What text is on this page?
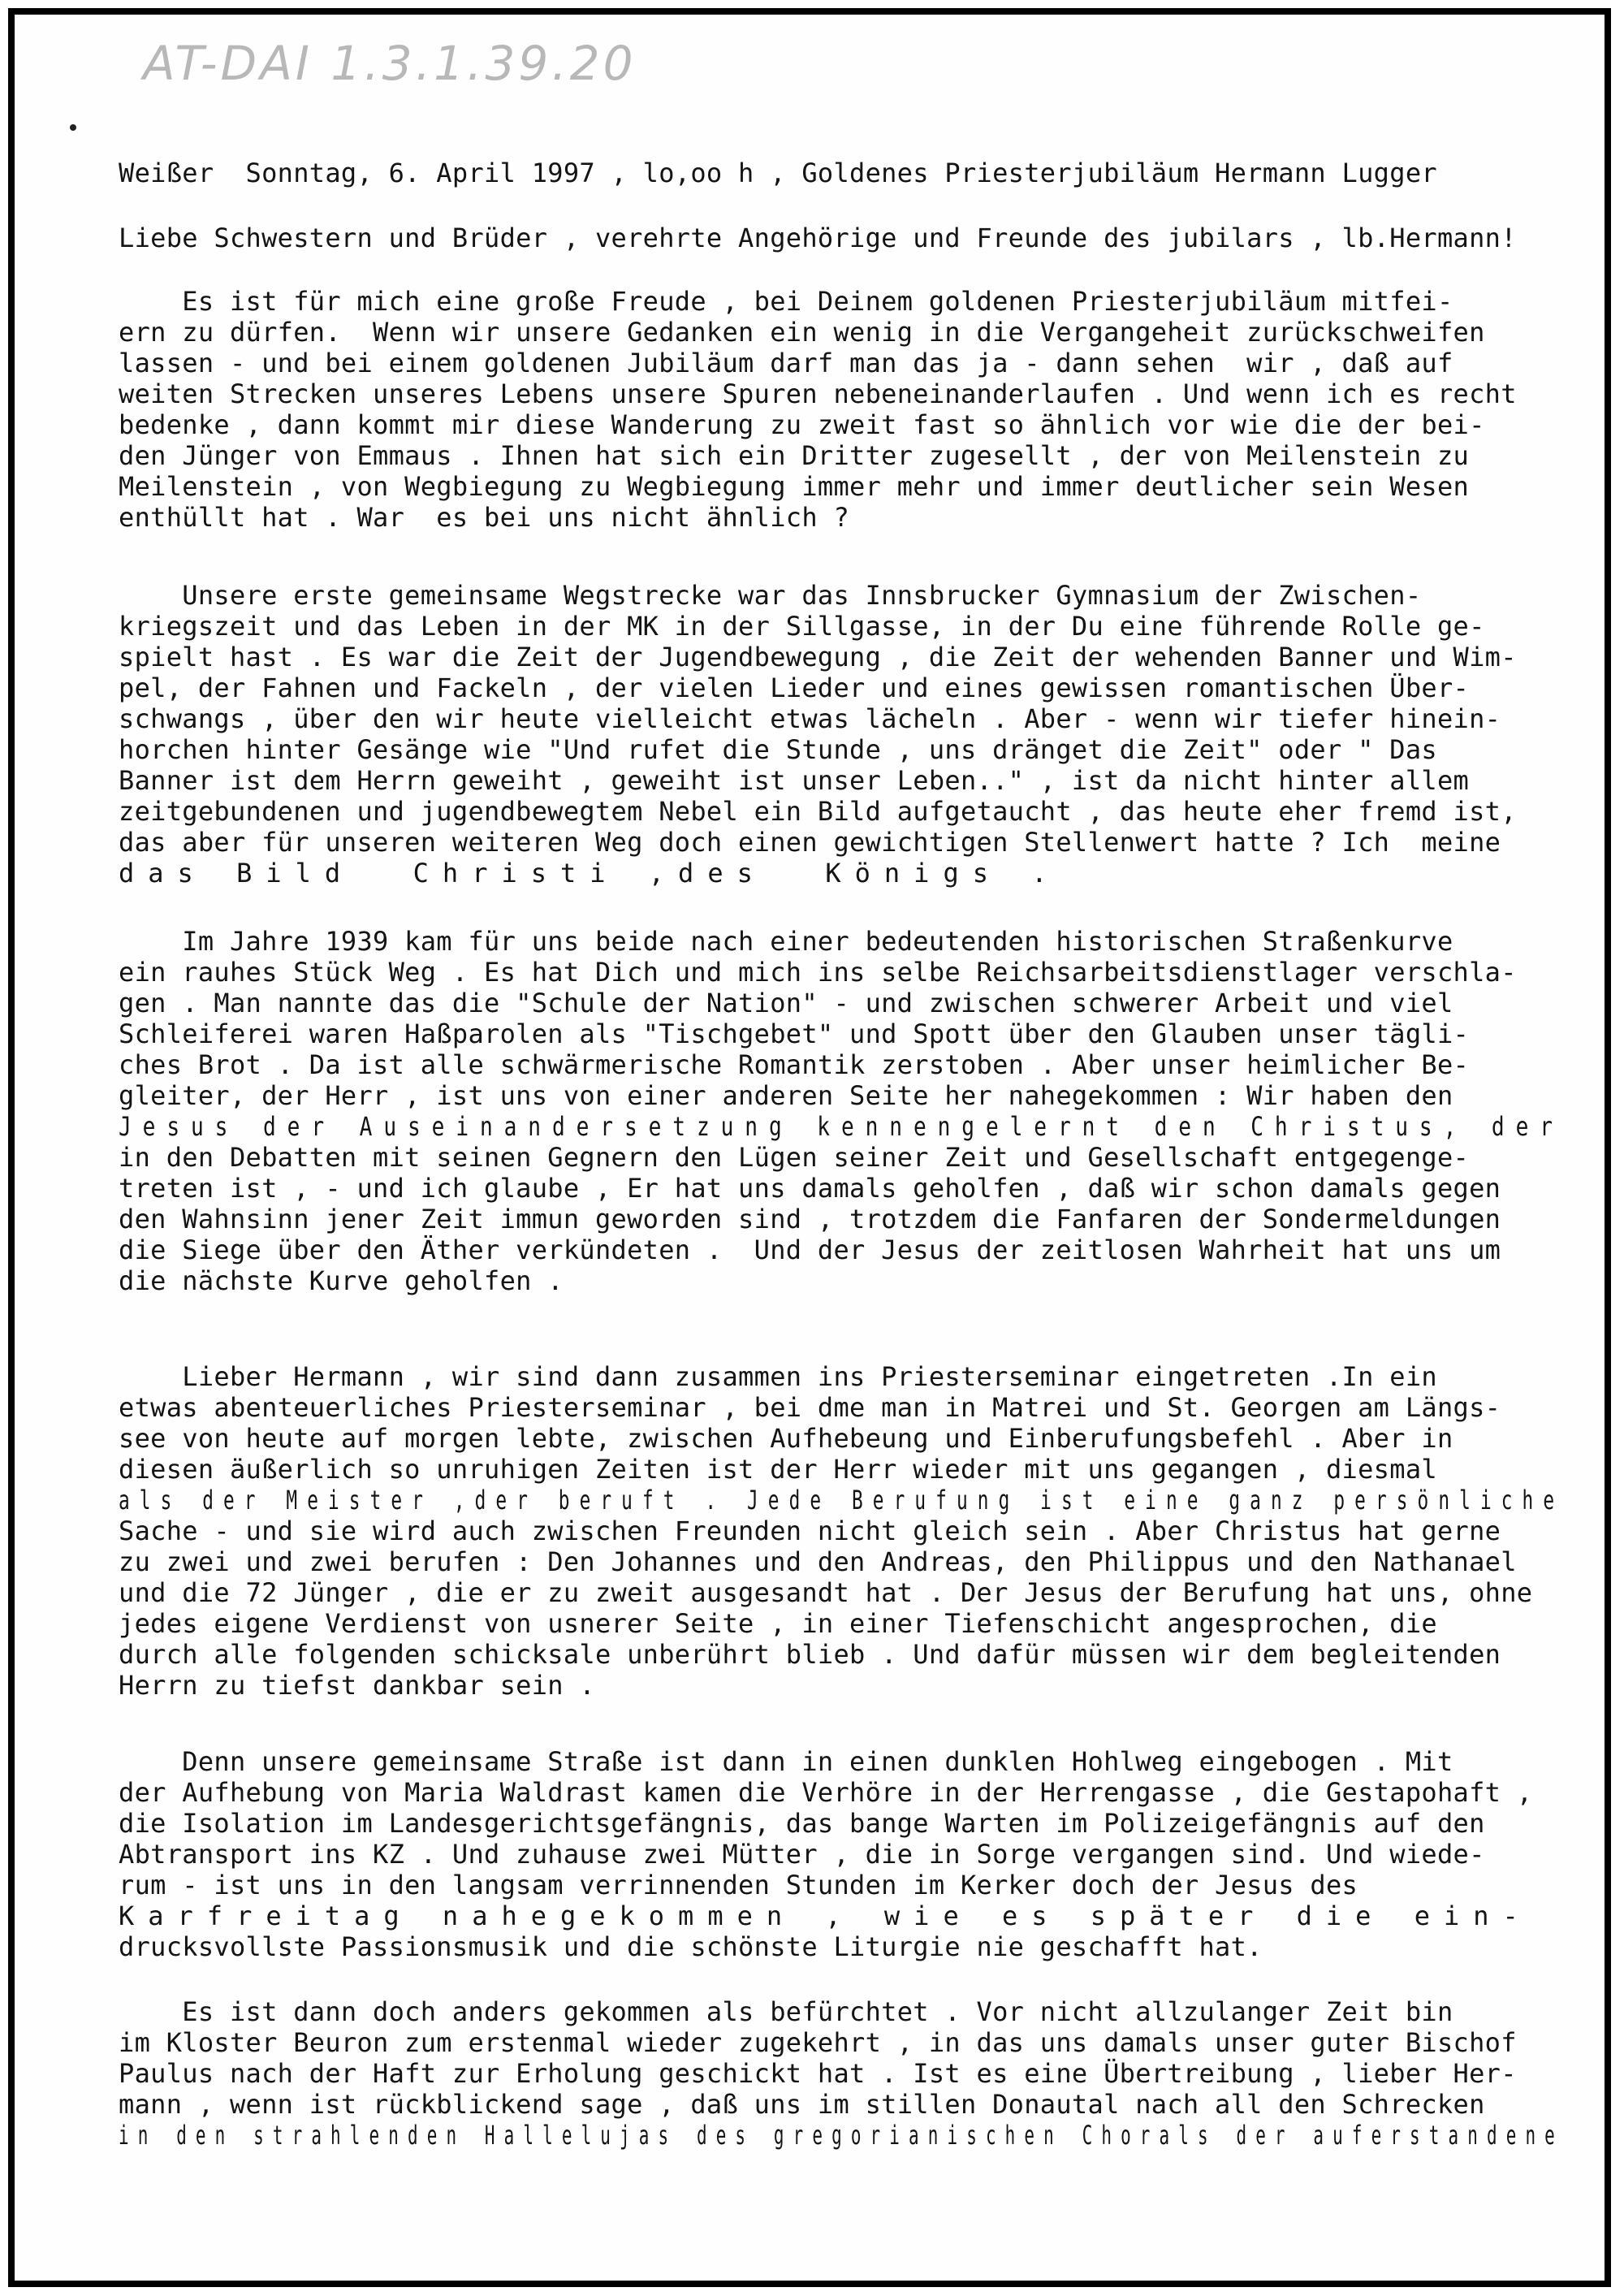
AT-DAI 1.3.1.39.20
Weißer  Sonntag, 6. April 1997 , lo,oo h , Goldenes Priesterjubiläum Hermann Lugger
Liebe Schwestern und Brüder , verehrte Angehörige und Freunde des jubilars , lb.Hermann!
Es ist für mich eine große Freude , bei Deinem goldenen Priesterjubiläum mitfei-
ern zu dürfen.  Wenn wir unsere Gedanken ein wenig in die Vergangeheit zurückschweifen
lassen - und bei einem goldenen Jubiläum darf man das ja - dann sehen  wir , daß auf
weiten Strecken unseres Lebens unsere Spuren nebeneinanderlaufen . Und wenn ich es recht
bedenke , dann kommt mir diese Wanderung zu zweit fast so ähnlich vor wie die der bei-
den Jünger von Emmaus . Ihnen hat sich ein Dritter zugesellt , der von Meilenstein zu
Meilenstein , von Wegbiegung zu Wegbiegung immer mehr und immer deutlicher sein Wesen
enthüllt hat . War  es bei uns nicht ähnlich ?
Unsere erste gemeinsame Wegstrecke war das Innsbrucker Gymnasium der Zwischen-
kriegszeit und das Leben in der MK in der Sillgasse, in der Du eine führende Rolle ge-
spielt hast . Es war die Zeit der Jugendbewegung , die Zeit der wehenden Banner und Wim-
pel, der Fahnen und Fackeln , der vielen Lieder und eines gewissen romantischen Über-
schwangs , über den wir heute vielleicht etwas lächeln . Aber - wenn wir tiefer hinein-
horchen hinter Gesänge wie "Und rufet die Stunde , uns dränget die Zeit" oder " Das
Banner ist dem Herrn geweiht , geweiht ist unser Leben.." , ist da nicht hinter allem
zeitgebundenen und jugendbewegtem Nebel ein Bild aufgetaucht , das heute eher fremd ist,
das aber für unseren weiteren Weg doch einen gewichtigen Stellenwert hatte ? Ich  meine
das Bild  Christi ,des  Königs .
Im Jahre 1939 kam für uns beide nach einer bedeutenden historischen Straßenkurve
ein rauhes Stück Weg . Es hat Dich und mich ins selbe Reichsarbeitsdienstlager verschla-
gen . Man nannte das die "Schule der Nation" - und zwischen schwerer Arbeit und viel
Schleiferei waren Haßparolen als "Tischgebet" und Spott über den Glauben unser tägli-
ches Brot . Da ist alle schwärmerische Romantik zerstoben . Aber unser heimlicher Be-
gleiter, der Herr , ist uns von einer anderen Seite her nahegekommen : Wir haben den
Jesus der Auseinandersetzung kennengelernt den Christus, der
in den Debatten mit seinen Gegnern den Lügen seiner Zeit und Gesellschaft entgegenge-
treten ist , - und ich glaube , Er hat uns damals geholfen , daß wir schon damals gegen
den Wahnsinn jener Zeit immun geworden sind , trotzdem die Fanfaren der Sondermeldungen
die Siege über den Äther verkündeten .  Und der Jesus der zeitlosen Wahrheit hat uns um
die nächste Kurve geholfen .
Lieber Hermann , wir sind dann zusammen ins Priesterseminar eingetreten .In ein
etwas abenteuerliches Priesterseminar , bei dme man in Matrei und St. Georgen am Längs-
see von heute auf morgen lebte, zwischen Aufhebeung und Einberufungsbefehl . Aber in
diesen äußerlich so unruhigen Zeiten ist der Herr wieder mit uns gegangen , diesmal
als der Meister ,der beruft . Jede Berufung ist eine ganz persönliche
Sache - und sie wird auch zwischen Freunden nicht gleich sein . Aber Christus hat gerne
zu zwei und zwei berufen : Den Johannes und den Andreas, den Philippus und den Nathanael
und die 72 Jünger , die er zu zweit ausgesandt hat . Der Jesus der Berufung hat uns, ohne
jedes eigene Verdienst von usnerer Seite , in einer Tiefenschicht angesprochen, die
durch alle folgenden schicksale unberührt blieb . Und dafür müssen wir dem begleitenden
Herrn zu tiefst dankbar sein .
Denn unsere gemeinsame Straße ist dann in einen dunklen Hohlweg eingebogen . Mit
der Aufhebung von Maria Waldrast kamen die Verhöre in der Herrengasse , die Gestapohaft ,
die Isolation im Landesgerichtsgefängnis, das bange Warten im Polizeigefängnis auf den
Abtransport ins KZ . Und zuhause zwei Mütter , die in Sorge vergangen sind. Und wiede-
rum - ist uns in den langsam verrinnenden Stunden im Kerker doch der Jesus des
Karfreitag nahegekommen , wie es später die ein-
drucksvollste Passionsmusik und die schönste Liturgie nie geschafft hat.
Es ist dann doch anders gekommen als befürchtet . Vor nicht allzulanger Zeit bin
im Kloster Beuron zum erstenmal wieder zugekehrt , in das uns damals unser guter Bischof
Paulus nach der Haft zur Erholung geschickt hat . Ist es eine Übertreibung , lieber Her-
mann , wenn ist rückblickend sage , daß uns im stillen Donautal nach all den Schrecken
in den strahlenden Hallelujas des gregorianischen Chorals der auferstandene
